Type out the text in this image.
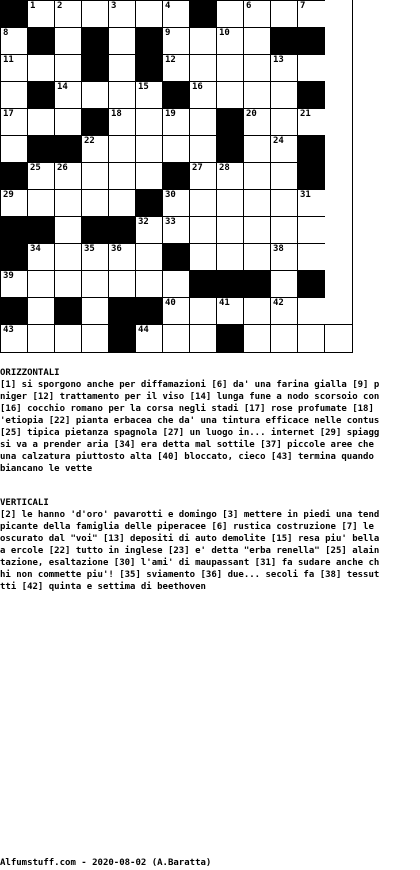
1 2	3	4	6	7
8	9	10
11	12	13
14	15	16
17	18	19	20	21
22	24
25 26	27 28
29	30	31
32 33
34	35 36	38
39
40	41	42
43	44
ORIZZONTALI
[1] si sporgono anche per diffamazioni [6] da' una farina gialla [9] p
niger [12] trattamento per il viso [14] lunga fune a nodo scorsoio con
[16] cocchio romano per la corsa negli stadi [17] rose profumate [18]
'etiopia [22] pianta erbacea che da' una tintura efficace nelle contus
[25] tipica pietanza spagnola [27] un luogo in... internet [29] spiagg
si va a prender aria [34] era detta mal sottile [37] piccole aree che
una calzatura piuttosto alta [40] bloccato, cieco [43] termina quando
biancano le vette
VERTICALI
[2] le hanno 'd'oro' pavarotti e domingo [3] mettere in piedi una tend
picante della famiglia delle piperacee [6] rustica costruzione [7] le
oscurato dal "voi" [13] depositi di auto demolite [15] resa piu' bella
a ercole [22] tutto in inglese [23] e' detta "erba renella" [25] alain
tazione, esaltazione [30] l'ami' di maupassant [31] fa sudare anche ch
hi non commette piu'! [35] sviamento [36] due... secoli fa [38] tessut
tti [42] quinta e settima di beethoven
Alfumstuff.com - 2020-08-02 (A.Baratta)
